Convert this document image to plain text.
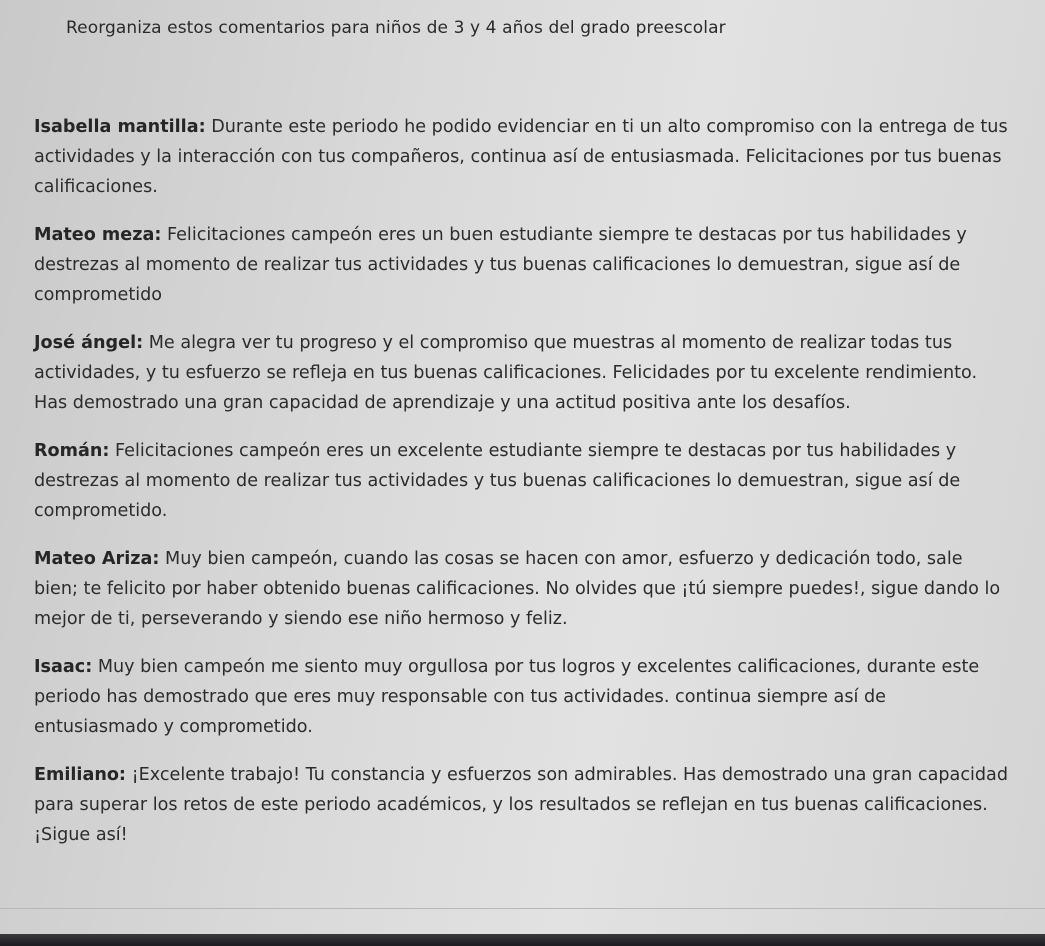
Reorganiza estos comentarios para niños de 3 y 4 años del grado preescolar

Isabella mantilla: Durante este periodo he podido evidenciar en ti un alto compromiso con la entrega de tus actividades y la interacción con tus compañeros, continua así de entusiasmada. Felicitaciones por tus buenas calificaciones.

Mateo meza: Felicitaciones campeón eres un buen estudiante siempre te destacas por tus habilidades y destrezas al momento de realizar tus actividades y tus buenas calificaciones lo demuestran, sigue así de comprometido

José ángel: Me alegra ver tu progreso y el compromiso que muestras al momento de realizar todas tus actividades, y tu esfuerzo se refleja en tus buenas calificaciones. Felicidades por tu excelente rendimiento. Has demostrado una gran capacidad de aprendizaje y una actitud positiva ante los desafíos.

Román: Felicitaciones campeón eres un excelente estudiante siempre te destacas por tus habilidades y destrezas al momento de realizar tus actividades y tus buenas calificaciones lo demuestran, sigue así de comprometido.

Mateo Ariza: Muy bien campeón, cuando las cosas se hacen con amor, esfuerzo y dedicación todo, sale bien; te felicito por haber obtenido buenas calificaciones. No olvides que ¡tú siempre puedes!, sigue dando lo mejor de ti, perseverando y siendo ese niño hermoso y feliz.

Isaac: Muy bien campeón me siento muy orgullosa por tus logros y excelentes calificaciones, durante este periodo has demostrado que eres muy responsable con tus actividades. continua siempre así de entusiasmado y comprometido.

Emiliano: ¡Excelente trabajo! Tu constancia y esfuerzos son admirables. Has demostrado una gran capacidad para superar los retos de este periodo académicos, y los resultados se reflejan en tus buenas calificaciones. ¡Sigue así!
